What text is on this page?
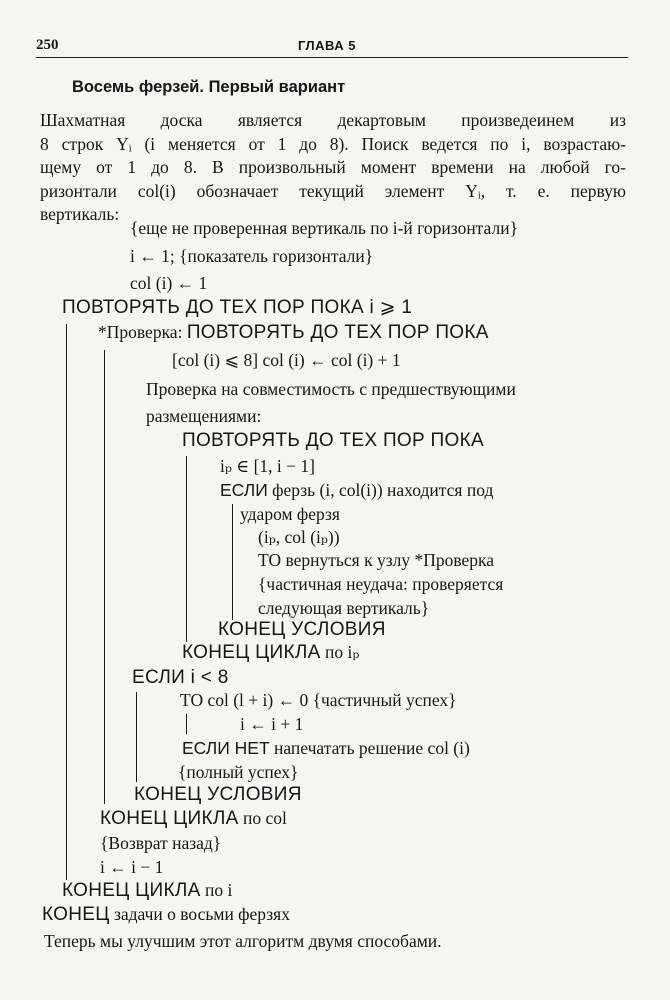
250	ГЛАВА 5
Восемь ферзей. Первый вариант
Шахматная доска является декартовым произведеинем из
8 строк Yᵢ (i меняется от 1 до 8). Поиск ведется по i, возрастаю-
щему от 1 до 8. В произвольный момент времени на любой го-
ризонтали col(i) обозначает текущий элемент Yᵢ, т. е. первую
вертикаль:
{еще не проверенная вертикаль по i-й горизонтали}
i ← 1; {показатель горизонтали}
col (i) ← 1
ПОВТОРЯТЬ ДО ТЕХ ПОР ПОКА i ⩾ 1
*Проверка: ПОВТОРЯТЬ ДО ТЕХ ПОР ПОКА
[col (i) ⩽ 8] col (i) ← col (i) + 1
Проверка на совместимость с предшествующими
размещениями:
ПОВТОРЯТЬ ДО ТЕХ ПОР ПОКА
iₚ ∈ [1, i − 1]
ЕСЛИ ферзь (i, col(i)) находится под
ударом ферзя
(iₚ, col (iₚ))
ТО вернуться к узлу *Проверка
{частичная неудача: проверяется
следующая вертикаль}
КОНЕЦ УСЛОВИЯ
КОНЕЦ ЦИКЛА по iₚ
ЕСЛИ i < 8
ТО col (l + i) ← 0 {частичный успех}
i ← i + 1
ЕСЛИ НЕТ напечатать решение col (i)
{полный успех}
КОНЕЦ УСЛОВИЯ
КОНЕЦ ЦИКЛА по col
{Возврат назад}
i ← i − 1
КОНЕЦ ЦИКЛА по i
КОНЕЦ задачи о восьми ферзях
Теперь мы улучшим этот алгоритм двумя способами.
